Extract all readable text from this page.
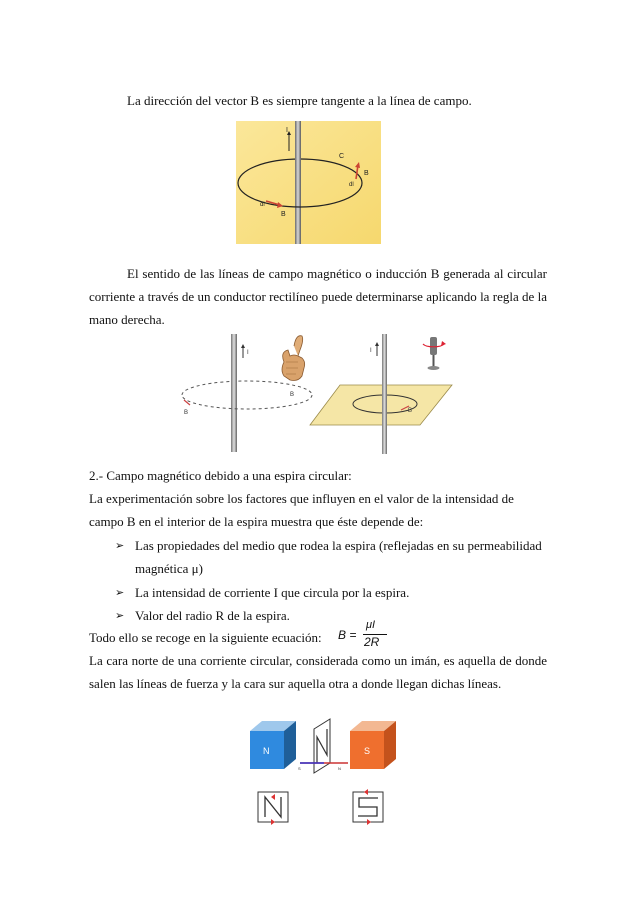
La dirección del vector B es siempre tangente a la línea de campo.
I
C
B
dl
dl
B
El sentido de las líneas de campo magnético o inducción B generada al circular
corriente a través de un conductor rectilíneo puede determinarse aplicando la regla de la
mano derecha.
I
B
B
I
B
2.- Campo magnético debido a una espira circular:
La experimentación sobre los factores que influyen en el valor de la intensidad de
campo B en el interior de la espira muestra que éste depende de:
➢ Las propiedades del medio que rodea la espira (reflejadas en su permeabilidad
magnética μ)
➢ La intensidad de corriente I que circula por la espira.
➢ Valor del radio R de la espira.
Todo ello se recoge en la siguiente ecuación: B =
μI
2R
La cara norte de una corriente circular, considerada como un imán, es aquella de donde
salen las líneas de fuerza y la cara sur aquella otra a donde llegan dichas líneas.
N
S	N
S
